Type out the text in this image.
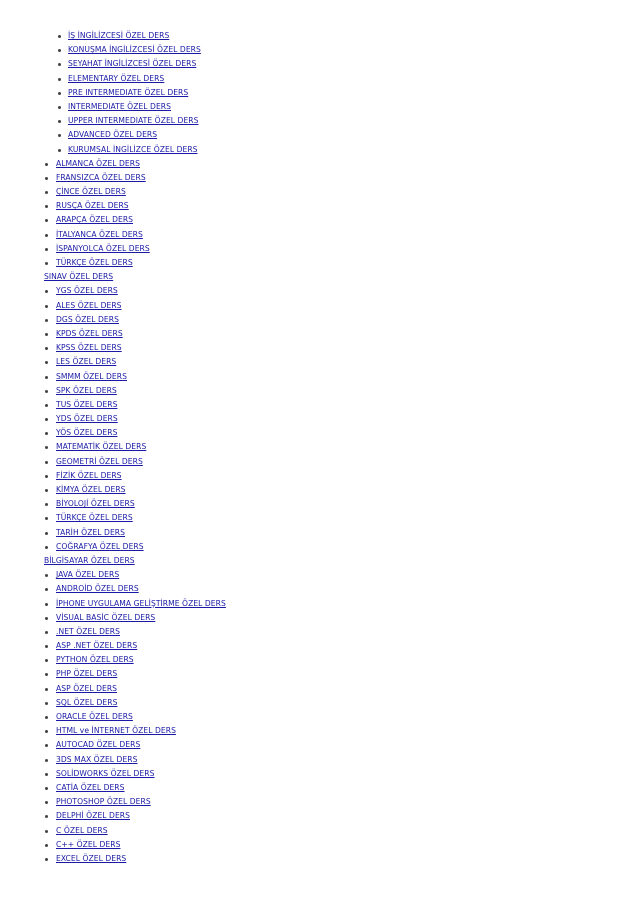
İŞ İNGİLİZCESİ ÖZEL DERS
KONUŞMA İNGİLİZCESİ ÖZEL DERS
SEYAHAT İNGİLİZCESİ ÖZEL DERS
ELEMENTARY ÖZEL DERS
PRE INTERMEDIATE ÖZEL DERS
INTERMEDIATE ÖZEL DERS
UPPER INTERMEDIATE ÖZEL DERS
ADVANCED ÖZEL DERS
KURUMSAL İNGİLİZCE ÖZEL DERS
ALMANCA ÖZEL DERS
FRANSIZCA ÖZEL DERS
ÇİNCE ÖZEL DERS
RUSÇA ÖZEL DERS
ARAPÇA ÖZEL DERS
İTALYANCA ÖZEL DERS
İSPANYOLCA ÖZEL DERS
TÜRKÇE ÖZEL DERS
SINAV ÖZEL DERS
YGS ÖZEL DERS
ALES ÖZEL DERS
DGS ÖZEL DERS
KPDS ÖZEL DERS
KPSS ÖZEL DERS
LES ÖZEL DERS
SMMM ÖZEL DERS
SPK ÖZEL DERS
TUS ÖZEL DERS
YDS ÖZEL DERS
YÖS ÖZEL DERS
MATEMATİK ÖZEL DERS
GEOMETRİ ÖZEL DERS
FİZİK ÖZEL DERS
KİMYA ÖZEL DERS
BİYOLOJİ ÖZEL DERS
TÜRKÇE ÖZEL DERS
TARİH ÖZEL DERS
COĞRAFYA ÖZEL DERS
BİLGİSAYAR ÖZEL DERS
JAVA ÖZEL DERS
ANDROİD ÖZEL DERS
İPHONE UYGULAMA GELİŞTİRME ÖZEL DERS
VİSUAL BASİC ÖZEL DERS
.NET ÖZEL DERS
ASP .NET ÖZEL DERS
PYTHON ÖZEL DERS
PHP ÖZEL DERS
ASP ÖZEL DERS
SQL ÖZEL DERS
ORACLE ÖZEL DERS
HTML ve İNTERNET ÖZEL DERS
AUTOCAD ÖZEL DERS
3DS MAX ÖZEL DERS
SOLİDWORKS ÖZEL DERS
CATİA ÖZEL DERS
PHOTOSHOP ÖZEL DERS
DELPHİ ÖZEL DERS
C ÖZEL DERS
C++ ÖZEL DERS
EXCEL ÖZEL DERS
